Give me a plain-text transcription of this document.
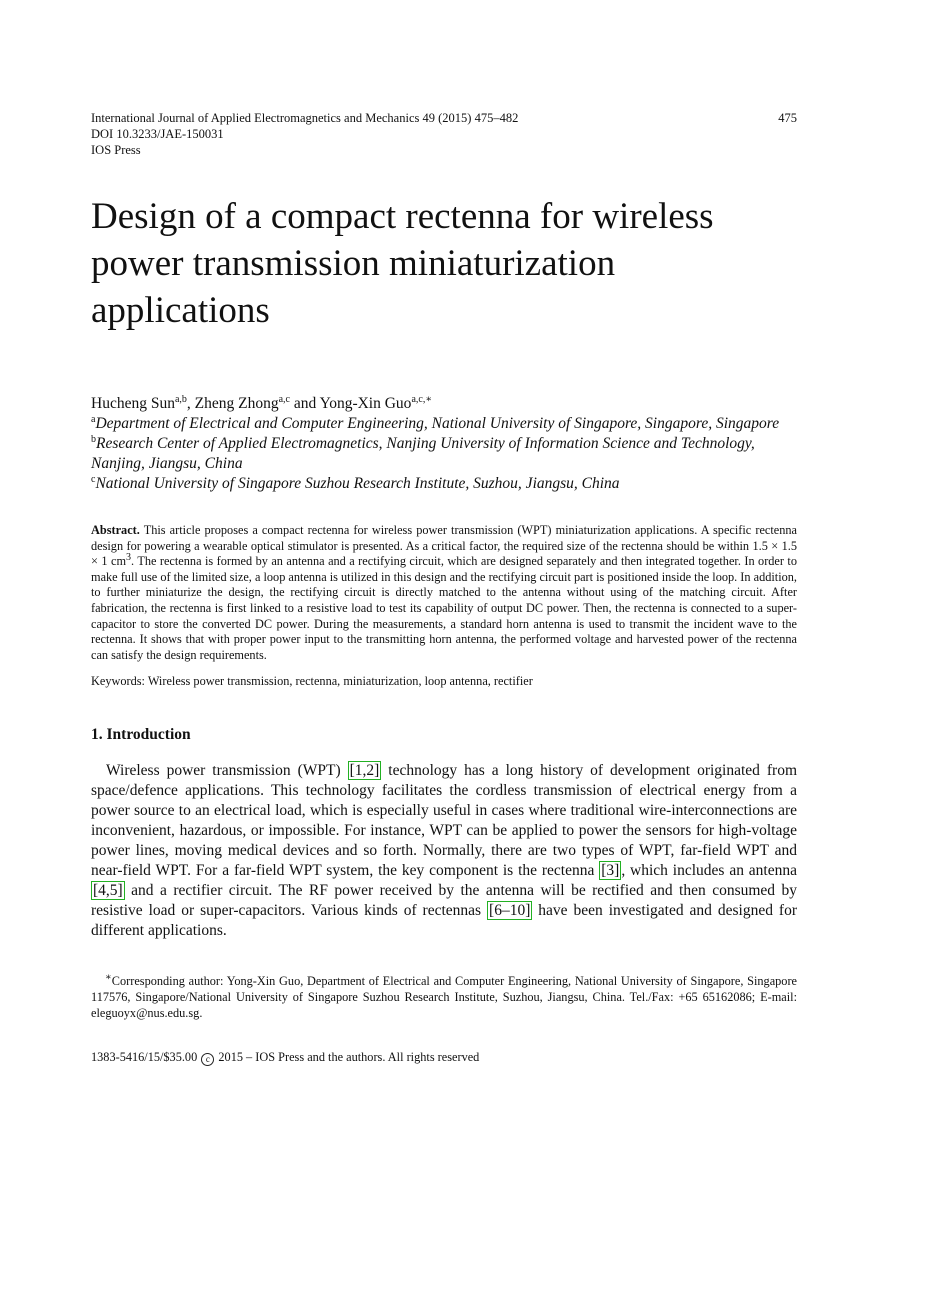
International Journal of Applied Electromagnetics and Mechanics 49 (2015) 475–482	475
DOI 10.3233/JAE-150031
IOS Press
Design of a compact rectenna for wireless power transmission miniaturization applications
Hucheng Sun$^{a,b}$, Zheng Zhong$^{a,c}$ and Yong-Xin Guo$^{a,c,∗}$
$^a$Department of Electrical and Computer Engineering, National University of Singapore, Singapore, Singapore
$^b$Research Center of Applied Electromagnetics, Nanjing University of Information Science and Technology, Nanjing, Jiangsu, China
$^c$National University of Singapore Suzhou Research Institute, Suzhou, Jiangsu, China
Abstract. This article proposes a compact rectenna for wireless power transmission (WPT) miniaturization applications. A specific rectenna design for powering a wearable optical stimulator is presented. As a critical factor, the required size of the rectenna should be within 1.5 × 1.5 × 1 $cm^3$. The rectenna is formed by an antenna and a rectifying circuit, which are designed separately and then integrated together. In order to make full use of the limited size, a loop antenna is utilized in this design and the rectifying circuit part is positioned inside the loop. In addition, to further miniaturize the design, the rectifying circuit is directly matched to the antenna without using of the matching circuit. After fabrication, the rectenna is first linked to a resistive load to test its capability of output DC power. Then, the rectenna is connected to a super-capacitor to store the converted DC power. During the measurements, a standard horn antenna is used to transmit the incident wave to the rectenna. It shows that with proper power input to the transmitting horn antenna, the performed voltage and harvested power of the rectenna can satisfy the design requirements.
Keywords: Wireless power transmission, rectenna, miniaturization, loop antenna, rectifier
1. Introduction
Wireless power transmission (WPT) [1,2] technology has a long history of development originated from space/defence applications. This technology facilitates the cordless transmission of electrical energy from a power source to an electrical load, which is especially useful in cases where traditional wire-interconnections are inconvenient, hazardous, or impossible. For instance, WPT can be applied to power the sensors for high-voltage power lines, moving medical devices and so forth. Normally, there are two types of WPT, far-field WPT and near-field WPT. For a far-field WPT system, the key component is the rectenna [3] , which includes an antenna [4,5] and a rectifier circuit. The RF power received by the antenna will be rectified and then consumed by resistive load or super-capacitors. Various kinds of rectennas [6–10] have been investigated and designed for different applications.
∗Corresponding author: Yong-Xin Guo, Department of Electrical and Computer Engineering, National University of Singapore, Singapore 117576, Singapore/National University of Singapore Suzhou Research Institute, Suzhou, Jiangsu, China. Tel./Fax: +65 65162086; E-mail: eleguoyx@nus.edu.sg.
1383-5416/15/$35.00 c 2015 – IOS Press and the authors. All rights reserved
